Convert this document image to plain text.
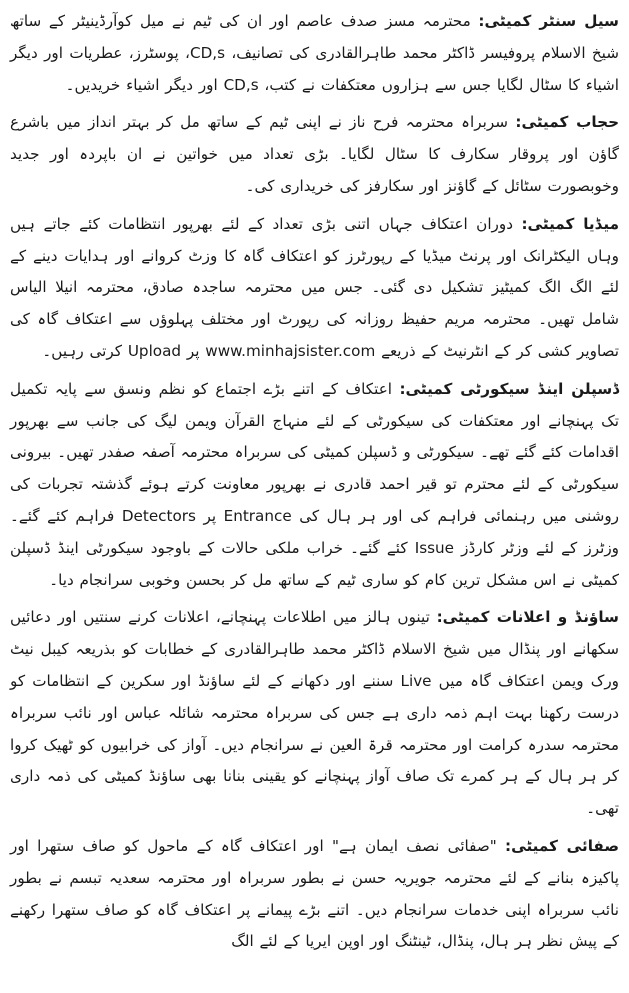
سیل سنٹر کمیٹی: محترمہ مسز صدف عاصم اور ان کی ٹیم نے میل کوآرڈینیٹر کے ساتھ شیخ الاسلام پروفیسر ڈاکٹر محمد طاہرالقادری کی تصانیف، CD,s، پوسٹرز، عطریات اور دیگر اشیاء کا سٹال لگایا جس سے ہزاروں معتکفات نے کتب، CD,s اور دیگر اشیاء خریدیں۔

حجاب کمیٹی: سربراہ محترمہ فرح ناز نے اپنی ٹیم کے ساتھ مل کر بہتر انداز میں باشرع گاؤن اور پروقار سکارف کا سٹال لگایا۔ بڑی تعداد میں خواتین نے ان باپردہ اور جدید وخوبصورت سٹائل کے گاؤنز اور سکارفز کی خریداری کی۔

میڈیا کمیٹی: دوران اعتکاف جہاں اتنی بڑی تعداد کے لئے بھرپور انتظامات کئے جاتے ہیں وہاں الیکٹرانک اور پرنٹ میڈیا کے رپورٹرز کو اعتکاف گاہ کا وزٹ کروانے اور ہدایات دینے کے لئے الگ الگ کمیٹیز تشکیل دی گئی۔ جس میں محترمہ ساجدہ صادق، محترمہ انیلا الیاس شامل تھیں۔ محترمہ مریم حفیظ روزانہ کی رپورٹ اور مختلف پہلوؤں سے اعتکاف گاہ کی تصاویر کشی کر کے انٹرنیٹ کے ذریعے www.minhajsister.com پر Upload کرتی رہیں۔

ڈسپلن اینڈ سیکورٹی کمیٹی: اعتکاف کے اتنے بڑے اجتماع کو نظم ونسق سے پایہ تکمیل تک پہنچانے اور معتکفات کی سیکورٹی کے لئے منہاج القرآن ویمن لیگ کی جانب سے بھرپور اقدامات کئے گئے تھے۔ سیکورٹی و ڈسپلن کمیٹی کی سربراہ محترمہ آصفہ صفدر تھیں۔ بیرونی سیکورٹی کے لئے محترم تو قیر احمد قادری نے بھرپور معاونت کرتے ہوئے گذشتہ تجربات کی روشنی میں رہنمائی فراہم کی اور ہر ہال کی Entrance پر Detectors فراہم کئے گئے۔ وزٹرز کے لئے وزٹر کارڈز Issue کئے گئے۔ خراب ملکی حالات کے باوجود سیکورٹی اینڈ ڈسپلن کمیٹی نے اس مشکل ترین کام کو ساری ٹیم کے ساتھ مل کر بحسن وخوبی سرانجام دیا۔

ساؤنڈ و اعلانات کمیٹی: تینوں ہالز میں اطلاعات پہنچانے، اعلانات کرنے سنتیں اور دعائیں سکھانے اور پنڈال میں شیخ الاسلام ڈاکٹر محمد طاہرالقادری کے خطابات کو بذریعہ کیبل نیٹ ورک ویمن اعتکاف گاہ میں Live سننے اور دکھانے کے لئے ساؤنڈ اور سکرین کے انتظامات کو درست رکھنا بہت اہم ذمہ داری ہے جس کی سربراہ محترمہ شائلہ عباس اور نائب سربراہ محترمہ سدرہ کرامت اور محترمہ قرۃ العین نے سرانجام دیں۔ آواز کی خرابیوں کو ٹھیک کروا کر ہر ہال کے ہر کمرے تک صاف آواز پہنچانے کو یقینی بنانا بھی ساؤنڈ کمیٹی کی ذمہ داری تھی۔

صفائی کمیٹی: "صفائی نصف ایمان ہے" اور اعتکاف گاہ کے ماحول کو صاف ستھرا اور پاکیزہ بنانے کے لئے محترمہ جویریہ حسن نے بطور سربراہ اور محترمہ سعدیہ تبسم نے بطور نائب سربراہ اپنی خدمات سرانجام دیں۔ اتنے بڑے پیمانے پر اعتکاف گاہ کو صاف ستھرا رکھنے کے پیش نظر ہر ہال، پنڈال، ٹینٹنگ اور اوپن ایریا کے لئے الگ
